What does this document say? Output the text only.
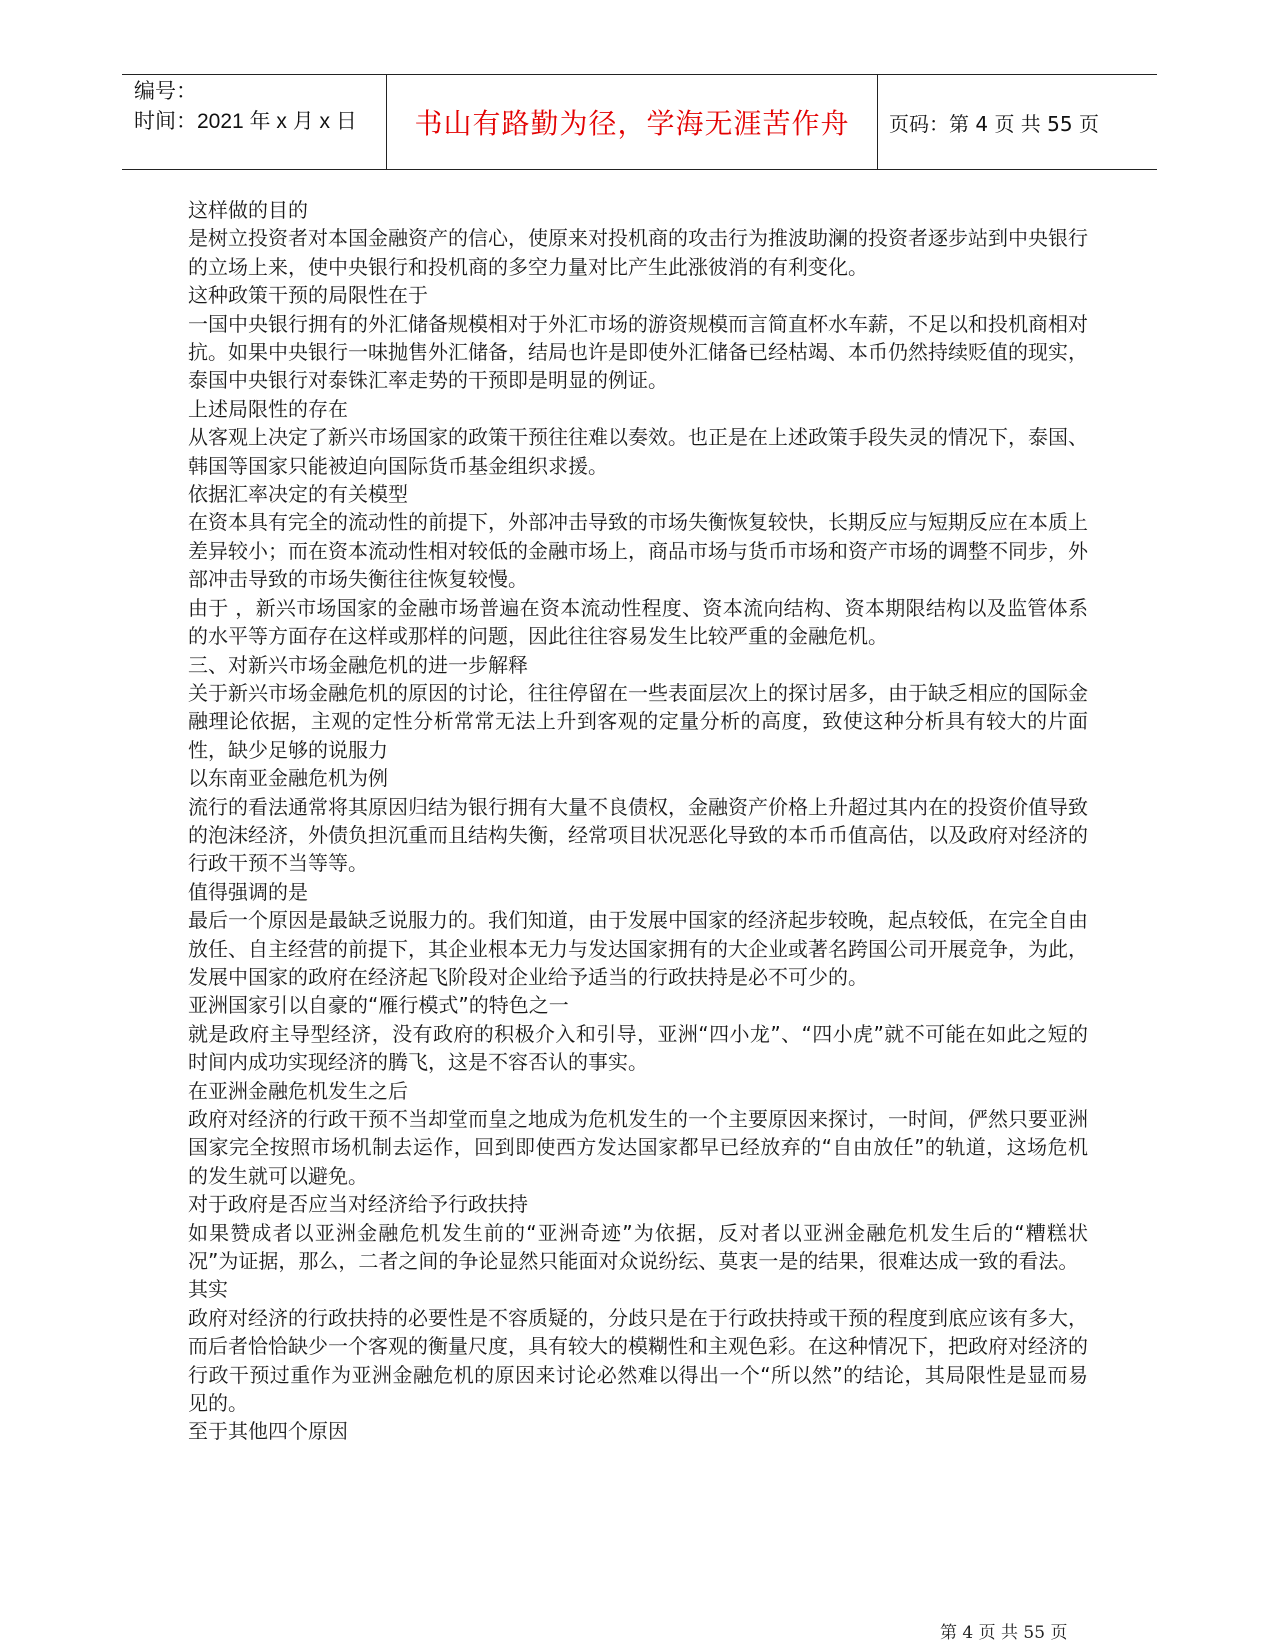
编号：
时间：2021 年 x 月 x 日 书山有路勤为径，学海无涯苦作舟 页码：第 4 页 共 55 页

这样做的目的

是树立投资者对本国金融资产的信心，使原来对投机商的攻击行为推波助澜的投资者逐步站到中央银行的立场上来，使中央银行和投机商的多空力量对比产生此涨彼消的有利变化。

这种政策干预的局限性在于

一国中央银行拥有的外汇储备规模相对于外汇市场的游资规模而言简直杯水车薪，不足以和投机商相对抗。如果中央银行一味抛售外汇储备，结局也许是即使外汇储备已经枯竭、本币仍然持续贬值的现实，泰国中央银行对泰铢汇率走势的干预即是明显的例证。

上述局限性的存在

从客观上决定了新兴市场国家的政策干预往往难以奏效。也正是在上述政策手段失灵的情况下，泰国、韩国等国家只能被迫向国际货币基金组织求援。

依据汇率决定的有关模型

在资本具有完全的流动性的前提下，外部冲击导致的市场失衡恢复较快，长期反应与短期反应在本质上差异较小；而在资本流动性相对较低的金融市场上，商品市场与货币市场和资产市场的调整不同步，外部冲击导致的市场失衡往往恢复较慢。

由于 ，新兴市场国家的金融市场普遍在资本流动性程度、资本流向结构、资本期限结构以及监管体系的水平等方面存在这样或那样的问题，因此往往容易发生比较严重的金融危机。

三、对新兴市场金融危机的进一步解释

关于新兴市场金融危机的原因的讨论，往往停留在一些表面层次上的探讨居多，由于缺乏相应的国际金融理论依据，主观的定性分析常常无法上升到客观的定量分析的高度，致使这种分析具有较大的片面性，缺少足够的说服力

以东南亚金融危机为例

流行的看法通常将其原因归结为银行拥有大量不良债权，金融资产价格上升超过其内在的投资价值导致的泡沫经济，外债负担沉重而且结构失衡，经常项目状况恶化导致的本币币值高估，以及政府对经济的行政干预不当等等。

值得强调的是

最后一个原因是最缺乏说服力的。我们知道，由于发展中国家的经济起步较晚，起点较低，在完全自由放任、自主经营的前提下，其企业根本无力与发达国家拥有的大企业或著名跨国公司开展竞争，为此，发展中国家的政府在经济起飞阶段对企业给予适当的行政扶持是必不可少的。

亚洲国家引以自豪的“雁行模式”的特色之一

就是政府主导型经济，没有政府的积极介入和引导，亚洲“四小龙”、“四小虎”就不可能在如此之短的时间内成功实现经济的腾飞，这是不容否认的事实。

在亚洲金融危机发生之后

政府对经济的行政干预不当却堂而皇之地成为危机发生的一个主要原因来探讨，一时间，俨然只要亚洲国家完全按照市场机制去运作，回到即使西方发达国家都早已经放弃的“自由放任”的轨道，这场危机的发生就可以避免。

对于政府是否应当对经济给予行政扶持

如果赞成者以亚洲金融危机发生前的“亚洲奇迹”为依据，反对者以亚洲金融危机发生后的“糟糕状况”为证据，那么，二者之间的争论显然只能面对众说纷纭、莫衷一是的结果，很难达成一致的看法。

其实

政府对经济的行政扶持的必要性是不容质疑的，分歧只是在于行政扶持或干预的程度到底应该有多大，而后者恰恰缺少一个客观的衡量尺度，具有较大的模糊性和主观色彩。在这种情况下，把政府对经济的行政干预过重作为亚洲金融危机的原因来讨论必然难以得出一个“所以然”的结论，其局限性是显而易见的。

至于其他四个原因

第 4 页 共 55 页
